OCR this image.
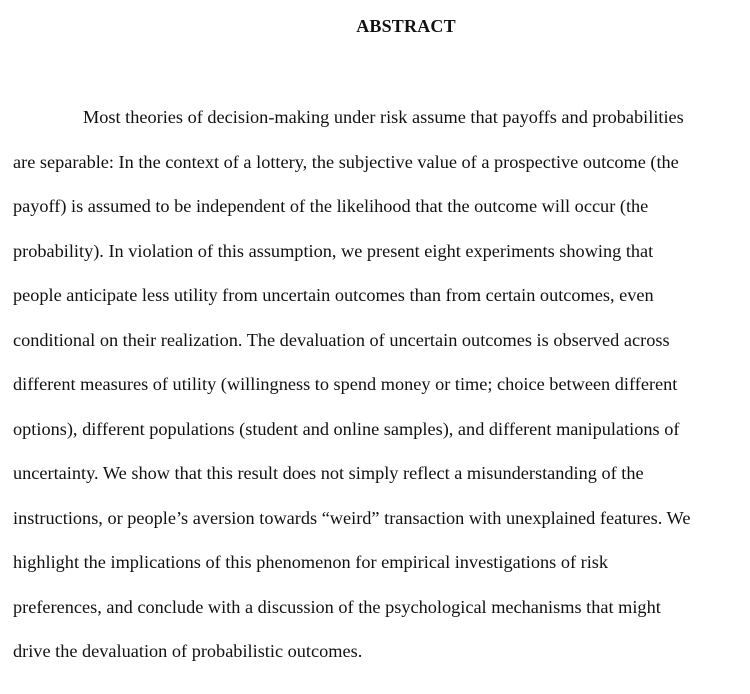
ABSTRACT
Most theories of decision-making under risk assume that payoffs and probabilities
are separable: In the context of a lottery, the subjective value of a prospective outcome (the
payoff) is assumed to be independent of the likelihood that the outcome will occur (the
probability). In violation of this assumption, we present eight experiments showing that
people anticipate less utility from uncertain outcomes than from certain outcomes, even
conditional on their realization. The devaluation of uncertain outcomes is observed across
different measures of utility (willingness to spend money or time; choice between different
options), different populations (student and online samples), and different manipulations of
uncertainty. We show that this result does not simply reflect a misunderstanding of the
instructions, or people’s aversion towards “weird” transaction with unexplained features. We
highlight the implications of this phenomenon for empirical investigations of risk
preferences, and conclude with a discussion of the psychological mechanisms that might
drive the devaluation of probabilistic outcomes.
